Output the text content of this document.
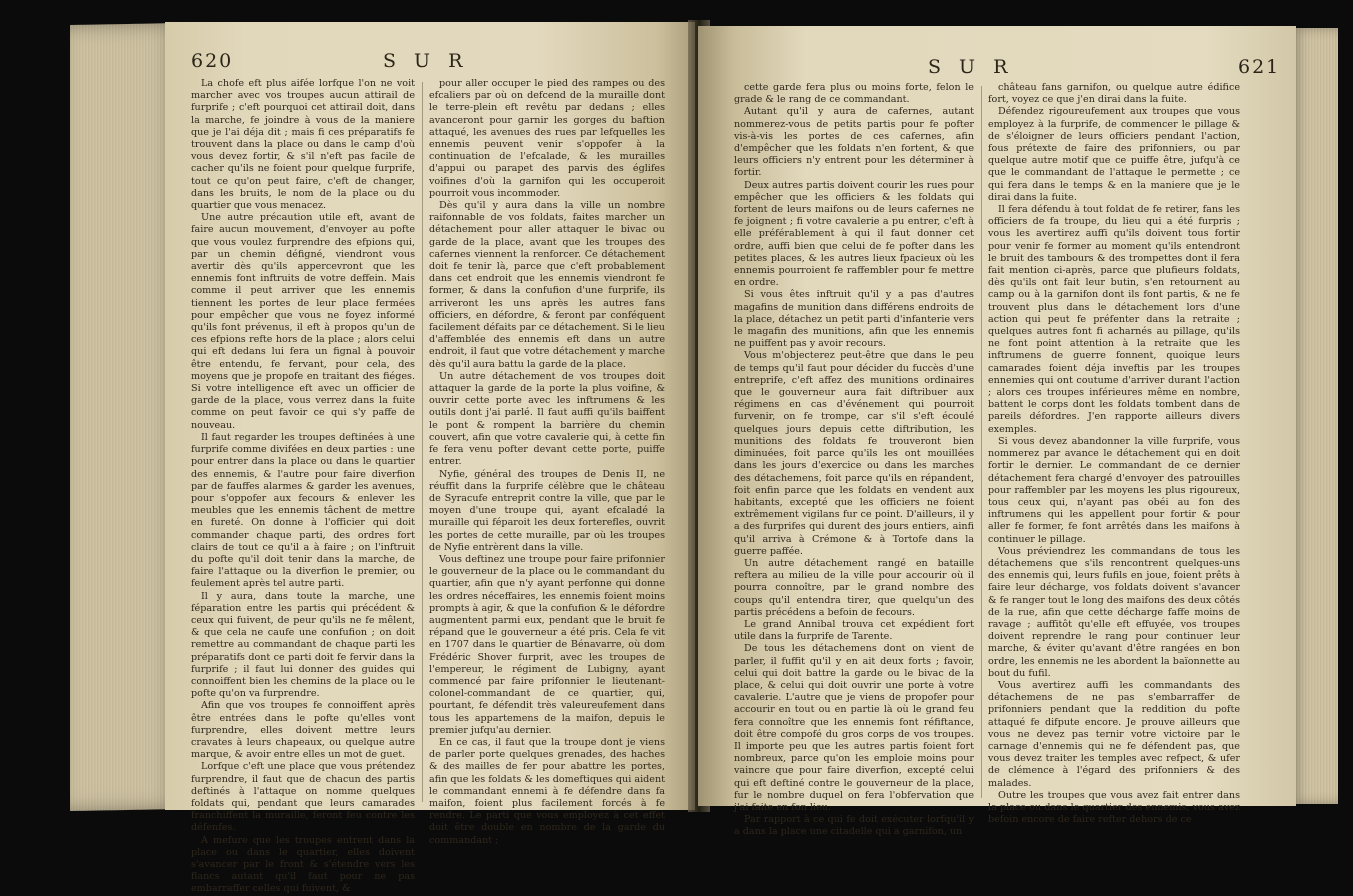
620	S U R

La chofe eft plus aifée lorfque l'on ne voit marcher avec vos troupes aucun attirail de furprife ; c'eft pourquoi cet attirail doit, dans la marche, fe joindre à vous de la maniere que je l'ai déja dit ; mais fi ces préparatifs fe trouvent dans la place ou dans le camp d'où vous devez fortir, & s'il n'eft pas facile de cacher qu'ils ne foient pour quelque furprife, tout ce qu'on peut faire, c'eft de changer, dans les bruits, le nom de la place ou du quartier que vous menacez.

Une autre précaution utile eft, avant de faire aucun mouvement, d'envoyer au pofte que vous voulez furprendre des efpions qui, par un chemin défigné, viendront vous avertir dès qu'ils appercevront que les ennemis font inftruits de votre deffein. Mais comme il peut arriver que les ennemis tiennent les portes de leur place fermées pour empêcher que vous ne foyez informé qu'ils font prévenus, il eft à propos qu'un de ces efpions refte hors de la place ; alors celui qui eft dedans lui fera un fignal à pouvoir être entendu, fe fervant, pour cela, des moyens que je propofe en traitant des fiéges. Si votre intelligence eft avec un officier de garde de la place, vous verrez dans la fuite comme on peut favoir ce qui s'y paffe de nouveau.

Il faut regarder les troupes deftinées à une furprife comme divifées en deux parties : une pour entrer dans la place ou dans le quartier des ennemis, & l'autre pour faire diverfion par de fauffes alarmes & garder les avenues, pour s'oppofer aux fecours & enlever les meubles que les ennemis tâchent de mettre en fureté. On donne à l'officier qui doit commander chaque parti, des ordres fort clairs de tout ce qu'il a à faire ; on l'inftruit du pofte qu'il doit tenir dans la marche, de faire l'attaque ou la diverfion le premier, ou feulement après tel autre parti.

Il y aura, dans toute la marche, une féparation entre les partis qui précédent & ceux qui fuivent, de peur qu'ils ne fe mêlent, & que cela ne caufe une confufion ; on doit remettre au commandant de chaque parti les préparatifs dont ce parti doit fe fervir dans la furprife ; il faut lui donner des guides qui connoiffent bien les chemins de la place ou le pofte qu'on va furprendre.

Afin que vos troupes fe connoiffent après être entrées dans le pofte qu'elles vont furprendre, elles doivent mettre leurs cravates à leurs chapeaux, ou quelque autre marque, & avoir entre elles un mot de guet.

Lorfque c'eft une place que vous prétendez furprendre, il faut que de chacun des partis deftinés à l'attaque on nomme quelques foldats qui, pendant que leurs camarades franchiffent la muraille, feront feu contre les défenfes.

A mefure que les troupes entrent dans la place ou dans le quartier, elles doivent s'avancer par le front & s'étendre vers les flancs autant qu'il faut pour ne pas embarraffer celles qui fuivent, &

pour aller occuper le pied des rampes ou des efcaliers par où on defcend de la muraille dont le terre-plein eft revêtu par dedans ; elles avanceront pour garnir les gorges du baftion attaqué, les avenues des rues par lefquelles les ennemis peuvent venir s'oppofer à la continuation de l'efcalade, & les murailles d'appui ou parapet des parvis des églifes voifines d'où la garnifon qui les occuperoit pourroit vous incommoder.

Dès qu'il y aura dans la ville un nombre raifonnable de vos foldats, faites marcher un détachement pour aller attaquer le bivac ou garde de la place, avant que les troupes des cafernes viennent la renforcer. Ce détachement doit fe tenir là, parce que c'eft probablement dans cet endroit que les ennemis viendront fe former, & dans la confufion d'une furprife, ils arriveront les uns après les autres fans officiers, en défordre, & feront par conféquent facilement défaits par ce détachement. Si le lieu d'affemblée des ennemis eft dans un autre endroit, il faut que votre détachement y marche dès qu'il aura battu la garde de la place.

Un autre détachement de vos troupes doit attaquer la garde de la porte la plus voifine, & ouvrir cette porte avec les inftrumens & les outils dont j'ai parlé. Il faut auffi qu'ils baiffent le pont & rompent la barrière du chemin couvert, afin que votre cavalerie qui, à cette fin fe fera venu pofter devant cette porte, puiffe entrer.

Nyfie, général des troupes de Denis II, ne réuffit dans la furprife célèbre que le château de Syracufe entreprit contre la ville, que par le moyen d'une troupe qui, ayant efcaladé la muraille qui féparoit les deux forterefles, ouvrit les portes de cette muraille, par où les troupes de Nyfie entrèrent dans la ville.

Vous deftinez une troupe pour faire prifonnier le gouverneur de la place ou le commandant du quartier, afin que n'y ayant perfonne qui donne les ordres néceffaires, les ennemis foient moins prompts à agir, & que la confufion & le défordre augmentent parmi eux, pendant que le bruit fe répand que le gouverneur a été pris. Cela fe vit en 1707 dans le quartier de Bénavarre, où dom Frédéric Shover furprit, avec les troupes de l'empereur, le régiment de Lubigny, ayant commencé par faire prifonnier le lieutenant-colonel-commandant de ce quartier, qui, pourtant, fe défendit très valeureufement dans tous les appartemens de la maifon, depuis le premier jufqu'au dernier.

En ce cas, il faut que la troupe dont je viens de parler porte quelques grenades, des haches & des mailles de fer pour abattre les portes, afin que les foldats & les domeftiques qui aident le commandant ennemi à fe défendre dans fa maifon, foient plus facilement forcés à fe rendre. Le parti que vous employez à cet effet doit être double en nombre de la garde du commandant ;

S U R	621

cette garde fera plus ou moins forte, felon le grade & le rang de ce commandant.

Autant qu'il y aura de cafernes, autant nommerez-vous de petits partis pour fe pofter vis-à-vis les portes de ces cafernes, afin d'empêcher que les foldats n'en fortent, & que leurs officiers n'y entrent pour les déterminer à fortir.

Deux autres partis doivent courir les rues pour empêcher que les officiers & les foldats qui fortent de leurs maifons ou de leurs cafernes ne fe joignent ; fi votre cavalerie a pu entrer, c'eft à elle préférablement à qui il faut donner cet ordre, auffi bien que celui de fe pofter dans les petites places, & les autres lieux fpacieux où les ennemis pourroient fe raffembler pour fe mettre en ordre.

Si vous êtes inftruit qu'il y a pas d'autres magafins de munition dans différens endroits de la place, détachez un petit parti d'infanterie vers le magafin des munitions, afin que les ennemis ne puiffent pas y avoir recours.

Vous m'objecterez peut-être que dans le peu de temps qu'il faut pour décider du fuccès d'une entreprife, c'eft affez des munitions ordinaires que le gouverneur aura fait diftribuer aux régimens en cas d'événement qui pourroit furvenir, on fe trompe, car s'il s'eft écoulé quelques jours depuis cette diftribution, les munitions des foldats fe trouveront bien diminuées, foit parce qu'ils les ont mouillées dans les jours d'exercice ou dans les marches des détachemens, foit parce qu'ils en répandent, foit enfin parce que les foldats en vendent aux habitants, excepté que les officiers ne foient extrêmement vigilans fur ce point. D'ailleurs, il y a des furprifes qui durent des jours entiers, ainfi qu'il arriva à Crémone & à Tortofe dans la guerre paffée.

Un autre détachement rangé en bataille reftera au milieu de la ville pour accourir où il pourra connoître, par le grand nombre des coups qu'il entendra tirer, que quelqu'un des partis précédens a befoin de fecours.

Le grand Annibal trouva cet expédient fort utile dans la furprife de Tarente.

De tous les détachemens dont on vient de parler, il fuffit qu'il y en ait deux forts ; favoir, celui qui doit battre la garde ou le bivac de la place, & celui qui doit ouvrir une porte à votre cavalerie. L'autre que je viens de propofer pour accourir en tout ou en partie là où le grand feu fera connoître que les ennemis font réfiftance, doit être compofé du gros corps de vos troupes. Il importe peu que les autres partis foient fort nombreux, parce qu'on les emploie moins pour vaincre que pour faire diverfion, excepté celui qui eft deftiné contre le gouverneur de la place, fur le nombre duquel on fera l'obfervation que j'ai faite en fon lieu.

Par rapport à ce qui fe doit exécuter lorfqu'il y a dans la place une citadelle qui a garnifon, un

château fans garnifon, ou quelque autre édifice fort, voyez ce que j'en dirai dans la fuite.

Défendez rigoureufement aux troupes que vous employez à la furprife, de commencer le pillage & de s'éloigner de leurs officiers pendant l'action, fous prétexte de faire des prifonniers, ou par quelque autre motif que ce puiffe être, jufqu'à ce que le commandant de l'attaque le permette ; ce qui fera dans le temps & en la maniere que je le dirai dans la fuite.

Il fera défendu à tout foldat de fe retirer, fans les officiers de fa troupe, du lieu qui a été furpris ; vous les avertirez auffi qu'ils doivent tous fortir pour venir fe former au moment qu'ils entendront le bruit des tambours & des trompettes dont il fera fait mention ci-après, parce que plufieurs foldats, dès qu'ils ont fait leur butin, s'en retournent au camp ou à la garnifon dont ils font partis, & ne fe trouvent plus dans le détachement lors d'une action qui peut fe préfenter dans la retraite ; quelques autres font fi acharnés au pillage, qu'ils ne font point attention à la retraite que les inftrumens de guerre fonnent, quoique leurs camarades foient déja inveftis par les troupes ennemies qui ont coutume d'arriver durant l'action ; alors ces troupes inférieures même en nombre, battent le corps dont les foldats tombent dans de pareils défordres. J'en rapporte ailleurs divers exemples.

Si vous devez abandonner la ville furprife, vous nommerez par avance le détachement qui en doit fortir le dernier. Le commandant de ce dernier détachement fera chargé d'envoyer des patrouilles pour raffembler par les moyens les plus rigoureux, tous ceux qui, n'ayant pas obéi au fon des inftrumens qui les appellent pour fortir & pour aller fe former, fe font arrêtés dans les maifons à continuer le pillage.

Vous préviendrez les commandans de tous les détachemens que s'ils rencontrent quelques-uns des ennemis qui, leurs fufils en joue, foient prêts à faire leur décharge, vos foldats doivent s'avancer & fe ranger tout le long des maifons des deux côtés de la rue, afin que cette décharge faffe moins de ravage ; auffitôt qu'elle eft effuyée, vos troupes doivent reprendre le rang pour continuer leur marche, & éviter qu'avant d'être rangées en bon ordre, les ennemis ne les abordent la baïonnette au bout du fufil.

Vous avertirez auffi les commandants des détachemens de ne pas s'embarraffer de prifonniers pendant que la reddition du pofte attaqué fe difpute encore. Je prouve ailleurs que vous ne devez pas ternir votre victoire par le carnage d'ennemis qui ne fe défendent pas, que vous devez traiter les temples avec refpect, & ufer de clémence à l'égard des prifonniers & des malades.

Outre les troupes que vous avez fait entrer dans la place ou dans le quartier des ennemis, vous avez befoin encore de faire refter dehors de ce
